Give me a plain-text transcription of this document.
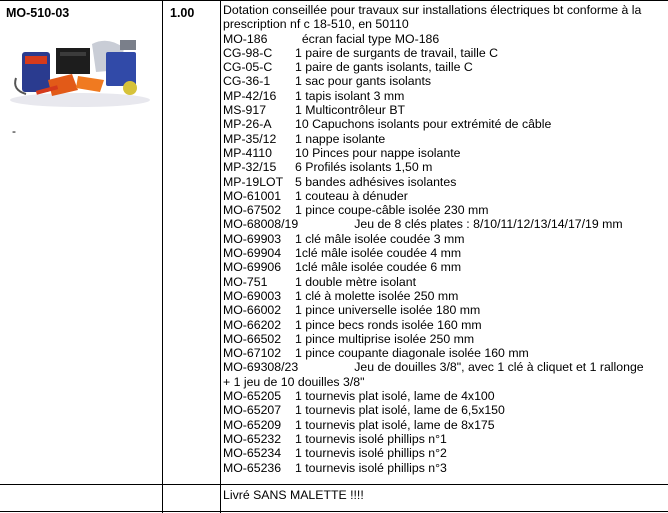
MO-510-03
-
1.00 Dotation conseillée pour travaux sur installations électriques bt conforme à la prescription nf c 18-510, en 50110
MO-186  écran facial type MO-186
CG-98-C 1 paire de surgants de travail, taille C
CG-05-C 1 paire de gants isolants, taille C
CG-36-1 1 sac pour gants isolants
MP-42/16 1 tapis isolant 3 mm
MS-917 1 Multicontrôleur BT
MP-26-A 10 Capuchons isolants pour extrémité de câble
MP-35/12 1 nappe isolante
MP-4110 10 Pinces pour nappe isolante
MP-32/15 6 Profilés isolants 1,50 m
MP-19LOT 5 bandes adhésives isolantes
MO-61001 1 couteau à dénuder
MO-67502 1 pince coupe-câble isolée 230 mm
MO-68008/19	Jeu de 8 clés plates : 8/10/11/12/13/14/17/19 mm
MO-69903 1 clé mâle isolée coudée 3 mm
MO-69904 1clé mâle isolée coudée 4 mm
MO-69906 1clé mâle isolée coudée 6 mm
MO-751 1 double mètre isolant
MO-69003 1 clé à molette isolée 250 mm
MO-66002 1 pince universelle isolée 180 mm
MO-66202 1 pince becs ronds isolée 160 mm
MO-66502 1 pince multiprise isolée 250 mm
MO-67102 1 pince coupante diagonale isolée 160 mm
MO-69308/23	Jeu de douilles 3/8", avec 1 clé à cliquet et 1 rallonge
+ 1 jeu de 10 douilles 3/8"
MO-65205 1 tournevis plat isolé, lame de 4x100
MO-65207 1 tournevis plat isolé, lame de 6,5x150
MO-65209 1 tournevis plat isolé, lame de 8x175
MO-65232 1 tournevis isolé phillips n°1
MO-65234 1 tournevis isolé phillips n°2
MO-65236 1 tournevis isolé phillips n°3
Livré SANS MALETTE !!!!
